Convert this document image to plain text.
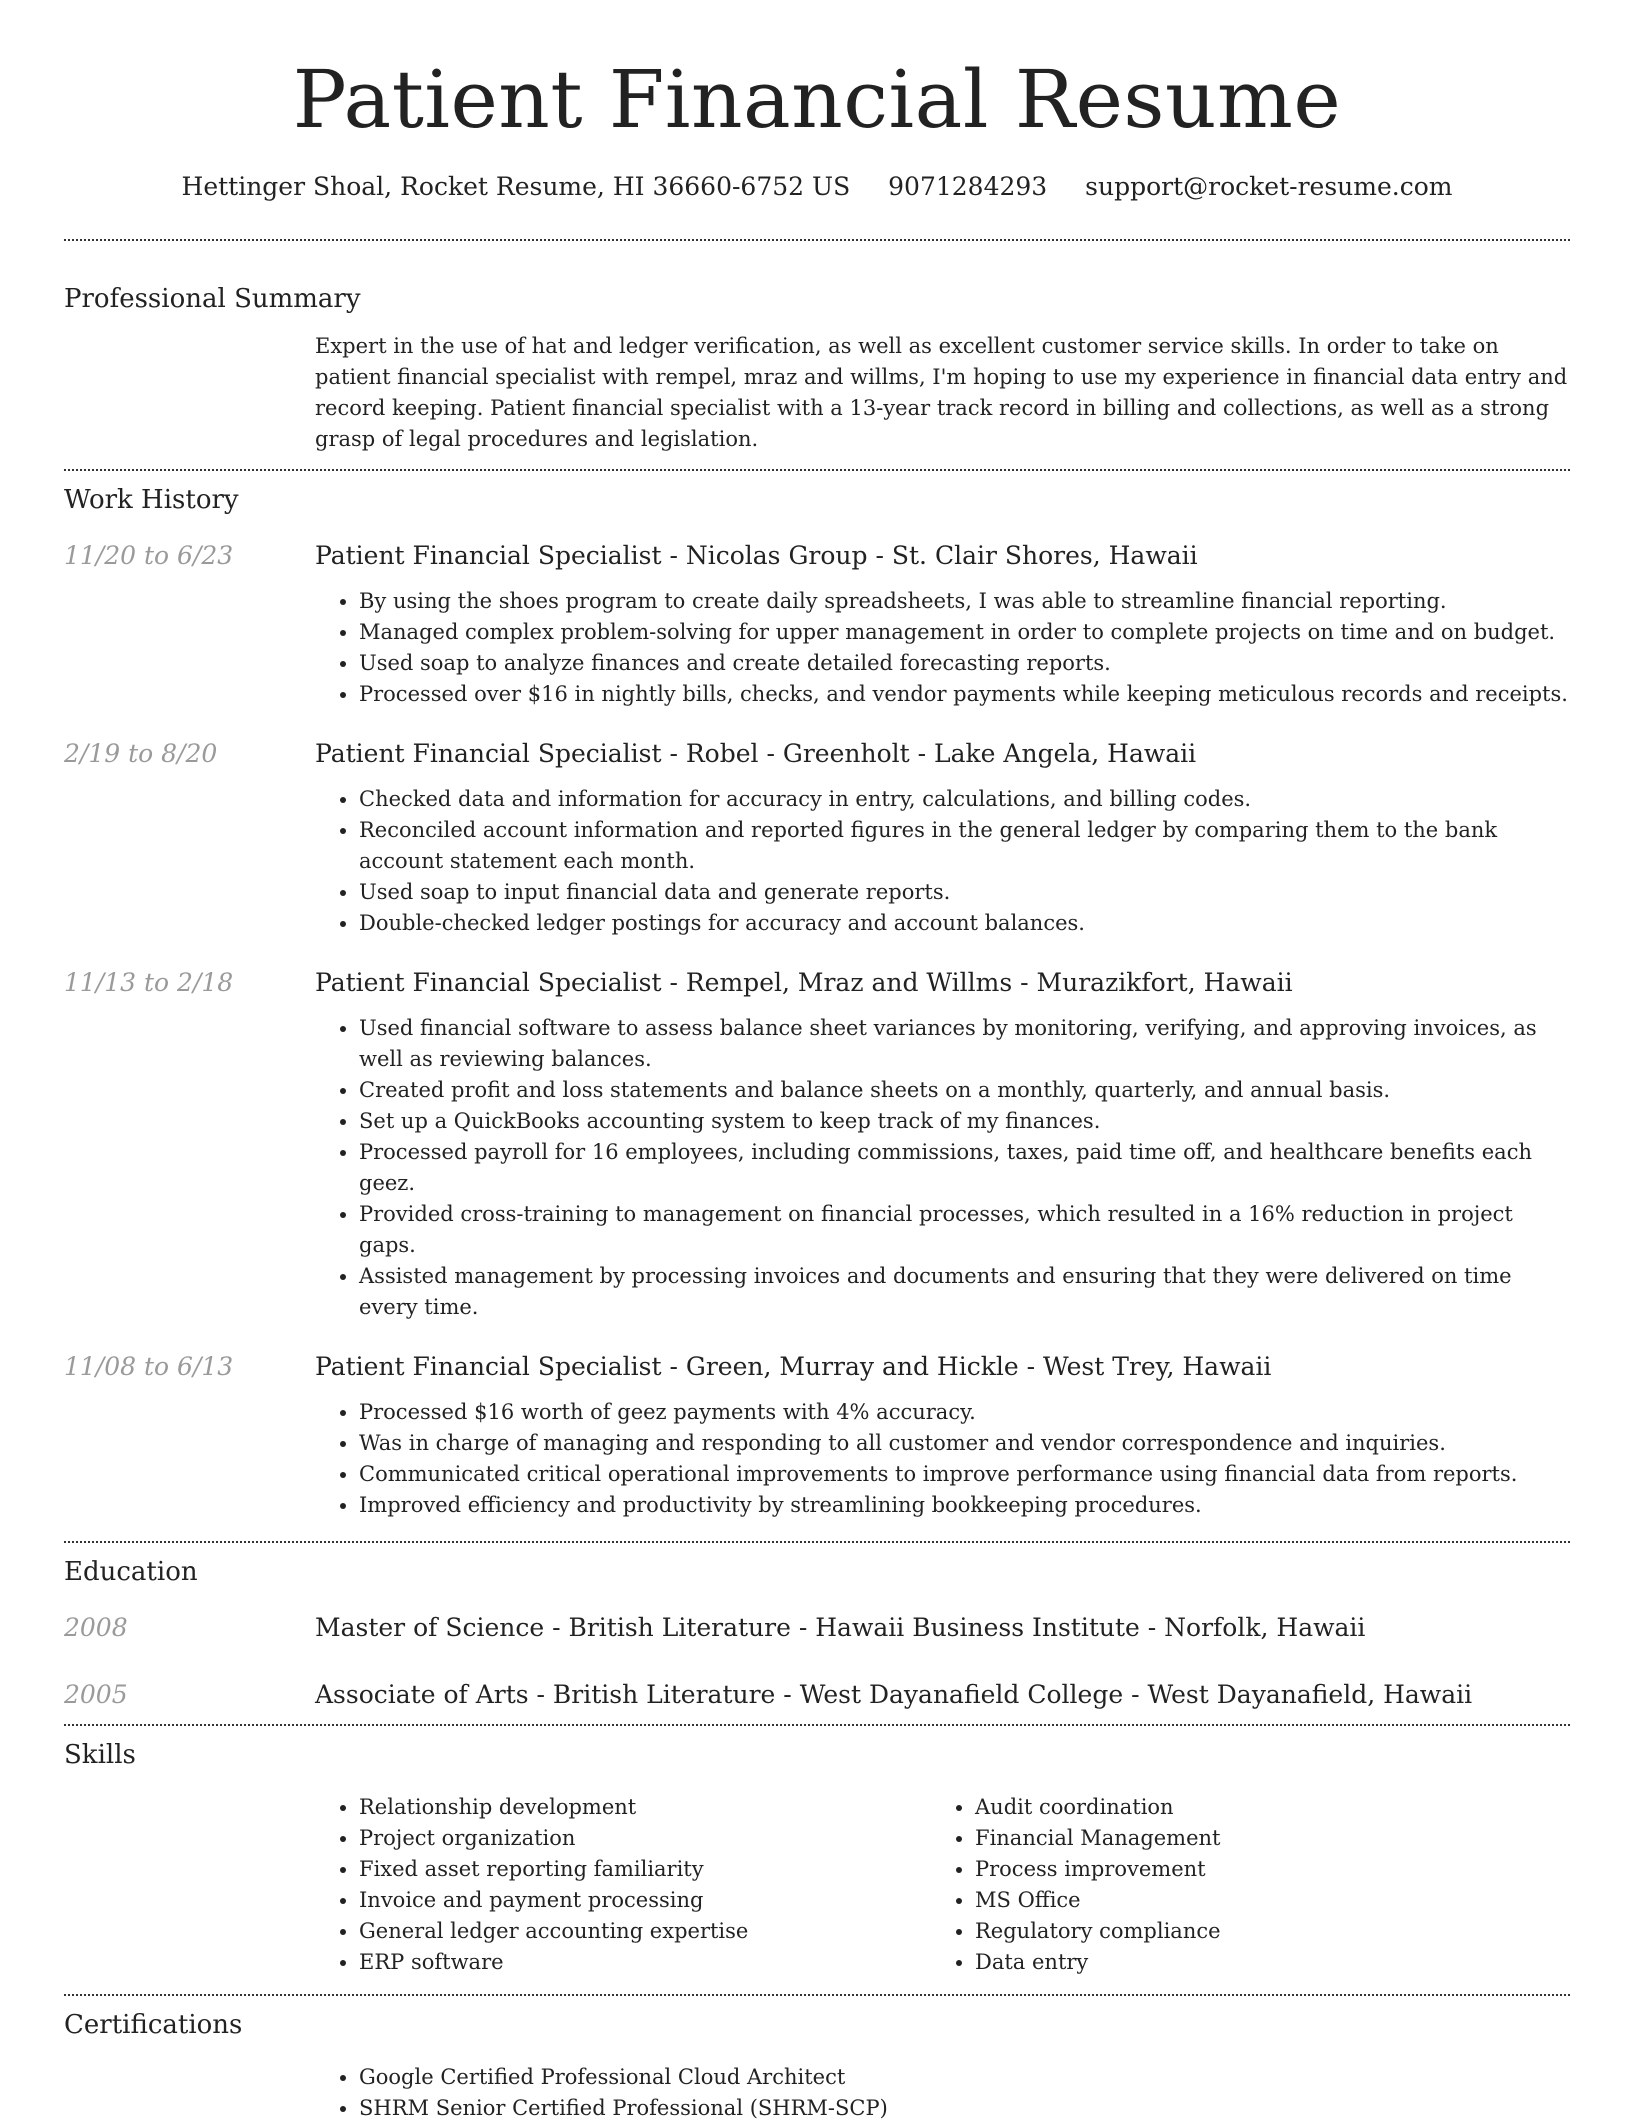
Patient Financial Resume
Hettinger Shoal, Rocket Resume, HI 36660-6752 US 9071284293 support@rocket-resume.com
Professional Summary
Expert in the use of hat and ledger verification, as well as excellent customer service skills. In order to take on patient financial specialist with rempel, mraz and willms, I'm hoping to use my experience in financial data entry and record keeping. Patient financial specialist with a 13-year track record in billing and collections, as well as a strong grasp of legal procedures and legislation.
Work History
11/20 to 6/23	Patient Financial Specialist - Nicolas Group - St. Clair Shores, Hawaii
• By using the shoes program to create daily spreadsheets, I was able to streamline financial reporting.
• Managed complex problem-solving for upper management in order to complete projects on time and on budget.
• Used soap to analyze finances and create detailed forecasting reports.
• Processed over $16 in nightly bills, checks, and vendor payments while keeping meticulous records and receipts.
2/19 to 8/20	Patient Financial Specialist - Robel - Greenholt - Lake Angela, Hawaii
• Checked data and information for accuracy in entry, calculations, and billing codes.
• Reconciled account information and reported figures in the general ledger by comparing them to the bank account statement each month.
• Used soap to input financial data and generate reports.
• Double-checked ledger postings for accuracy and account balances.
11/13 to 2/18	Patient Financial Specialist - Rempel, Mraz and Willms - Murazikfort, Hawaii
• Used financial software to assess balance sheet variances by monitoring, verifying, and approving invoices, as well as reviewing balances.
• Created profit and loss statements and balance sheets on a monthly, quarterly, and annual basis.
• Set up a QuickBooks accounting system to keep track of my finances.
• Processed payroll for 16 employees, including commissions, taxes, paid time off, and healthcare benefits each geez.
• Provided cross-training to management on financial processes, which resulted in a 16% reduction in project gaps.
• Assisted management by processing invoices and documents and ensuring that they were delivered on time every time.
11/08 to 6/13	Patient Financial Specialist - Green, Murray and Hickle - West Trey, Hawaii
• Processed $16 worth of geez payments with 4% accuracy.
• Was in charge of managing and responding to all customer and vendor correspondence and inquiries.
• Communicated critical operational improvements to improve performance using financial data from reports.
• Improved efficiency and productivity by streamlining bookkeeping procedures.
Education
2008	Master of Science - British Literature - Hawaii Business Institute - Norfolk, Hawaii
2005	Associate of Arts - British Literature - West Dayanafield College - West Dayanafield, Hawaii
Skills
• Relationship development
• Project organization
• Fixed asset reporting familiarity
• Invoice and payment processing
• General ledger accounting expertise
• ERP software
• Audit coordination
• Financial Management
• Process improvement
• MS Office
• Regulatory compliance
• Data entry
Certifications
• Google Certified Professional Cloud Architect
• SHRM Senior Certified Professional (SHRM-SCP)
